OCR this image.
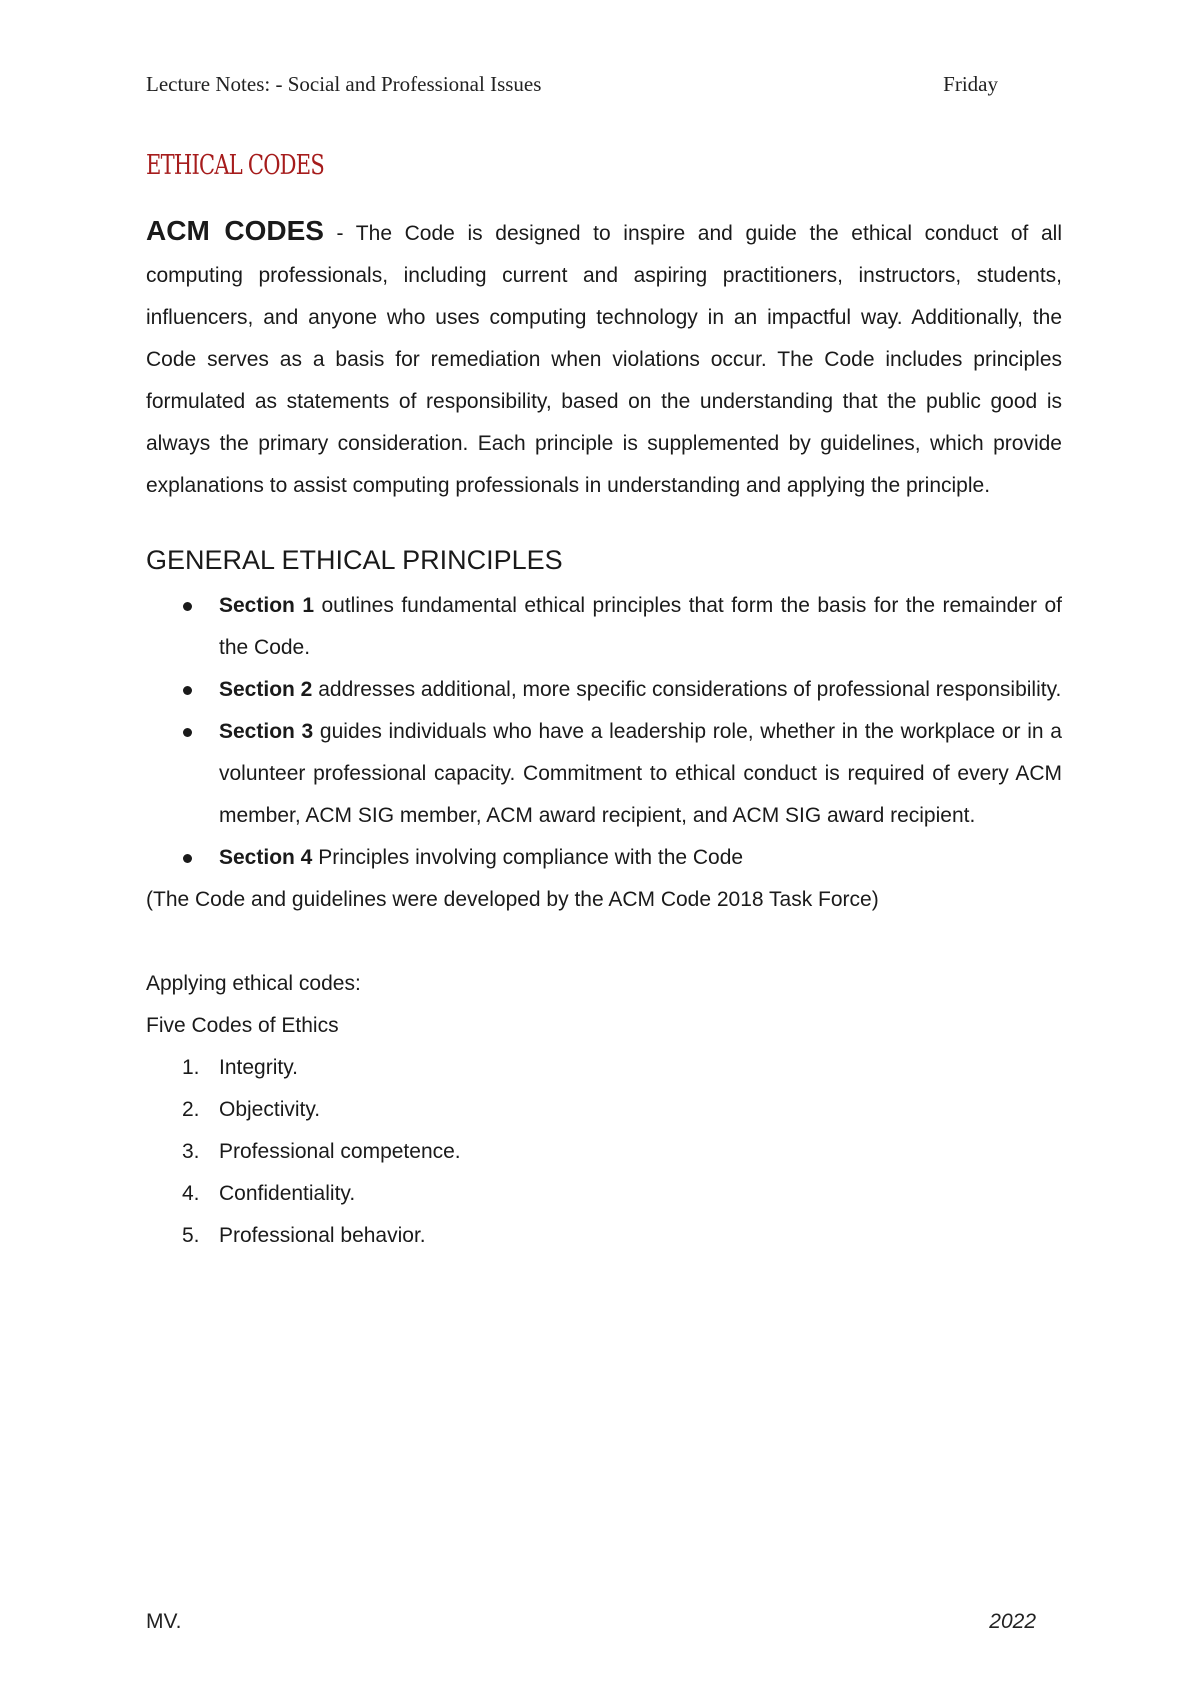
Lecture Notes: - Social and Professional Issues	Friday
ETHICAL CODES

ACM CODES - The Code is designed to inspire and guide the ethical conduct of all computing professionals, including current and aspiring practitioners, instructors, students, influencers, and anyone who uses computing technology in an impactful way. Additionally, the Code serves as a basis for remediation when violations occur. The Code includes principles formulated as statements of responsibility, based on the understanding that the public good is always the primary consideration. Each principle is supplemented by guidelines, which provide explanations to assist computing professionals in understanding and applying the principle.

GENERAL ETHICAL PRINCIPLES
Section 1 outlines fundamental ethical principles that form the basis for the remainder of the Code.
Section 2 addresses additional, more specific considerations of professional responsibility.
Section 3 guides individuals who have a leadership role, whether in the workplace or in a volunteer professional capacity. Commitment to ethical conduct is required of every ACM member, ACM SIG member, ACM award recipient, and ACM SIG award recipient.
Section 4 Principles involving compliance with the Code

(The Code and guidelines were developed by the ACM Code 2018 Task Force)

Applying ethical codes:

Five Codes of Ethics

1. Integrity.
2. Objectivity.
3. Professional competence.
4. Confidentiality.
5. Professional behavior.
MV.	2022
